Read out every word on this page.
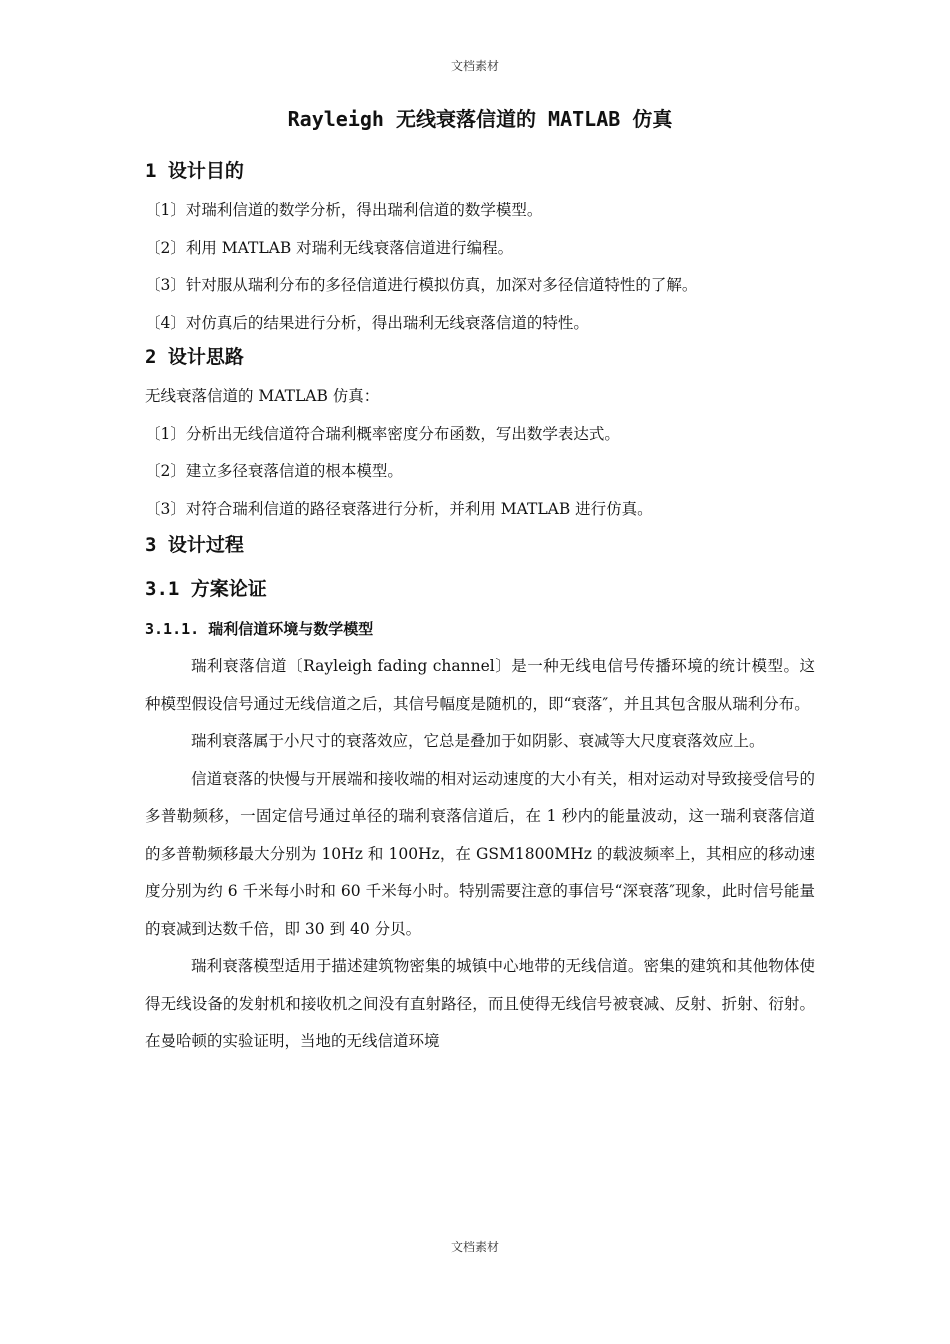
文档素材
Rayleigh 无线衰落信道的 MATLAB 仿真
1 设计目的

〔1〕对瑞利信道的数学分析，得出瑞利信道的数学模型。

〔2〕利用 MATLAB 对瑞利无线衰落信道进行编程。

〔3〕针对服从瑞利分布的多径信道进行模拟仿真，加深对多径信道特性的了解。

〔4〕对仿真后的结果进行分析，得出瑞利无线衰落信道的特性。

2 设计思路

无线衰落信道的 MATLAB 仿真：

〔1〕分析出无线信道符合瑞利概率密度分布函数，写出数学表达式。

〔2〕建立多径衰落信道的根本模型。

〔3〕对符合瑞利信道的路径衰落进行分析，并利用 MATLAB 进行仿真。

3 设计过程
3.1 方案论证
3.1.1. 瑞利信道环境与数学模型

瑞利衰落信道〔Rayleigh fading channel〕是一种无线电信号传播环境的统计模型。这种模型假设信号通过无线信道之后，其信号幅度是随机的，即“衰落″，并且其包含服从瑞利分布。

瑞利衰落属于小尺寸的衰落效应，它总是叠加于如阴影、衰减等大尺度衰落效应上。

信道衰落的快慢与开展端和接收端的相对运动速度的大小有关，相对运动对导致接受信号的多普勒频移，一固定信号通过单径的瑞利衰落信道后，在 1 秒内的能量波动，这一瑞利衰落信道的多普勒频移最大分别为 10Hz 和 100Hz，在 GSM1800MHz 的载波频率上，其相应的移动速度分别为约 6 千米每小时和 60 千米每小时。特别需要注意的事信号“深衰落″现象，此时信号能量的衰减到达数千倍，即 30 到 40 分贝。

瑞利衰落模型适用于描述建筑物密集的城镇中心地带的无线信道。密集的建筑和其他物体使得无线设备的发射机和接收机之间没有直射路径，而且使得无线信号被衰减、反射、折射、衍射。在曼哈顿的实验证明，当地的无线信道环境

文档素材
